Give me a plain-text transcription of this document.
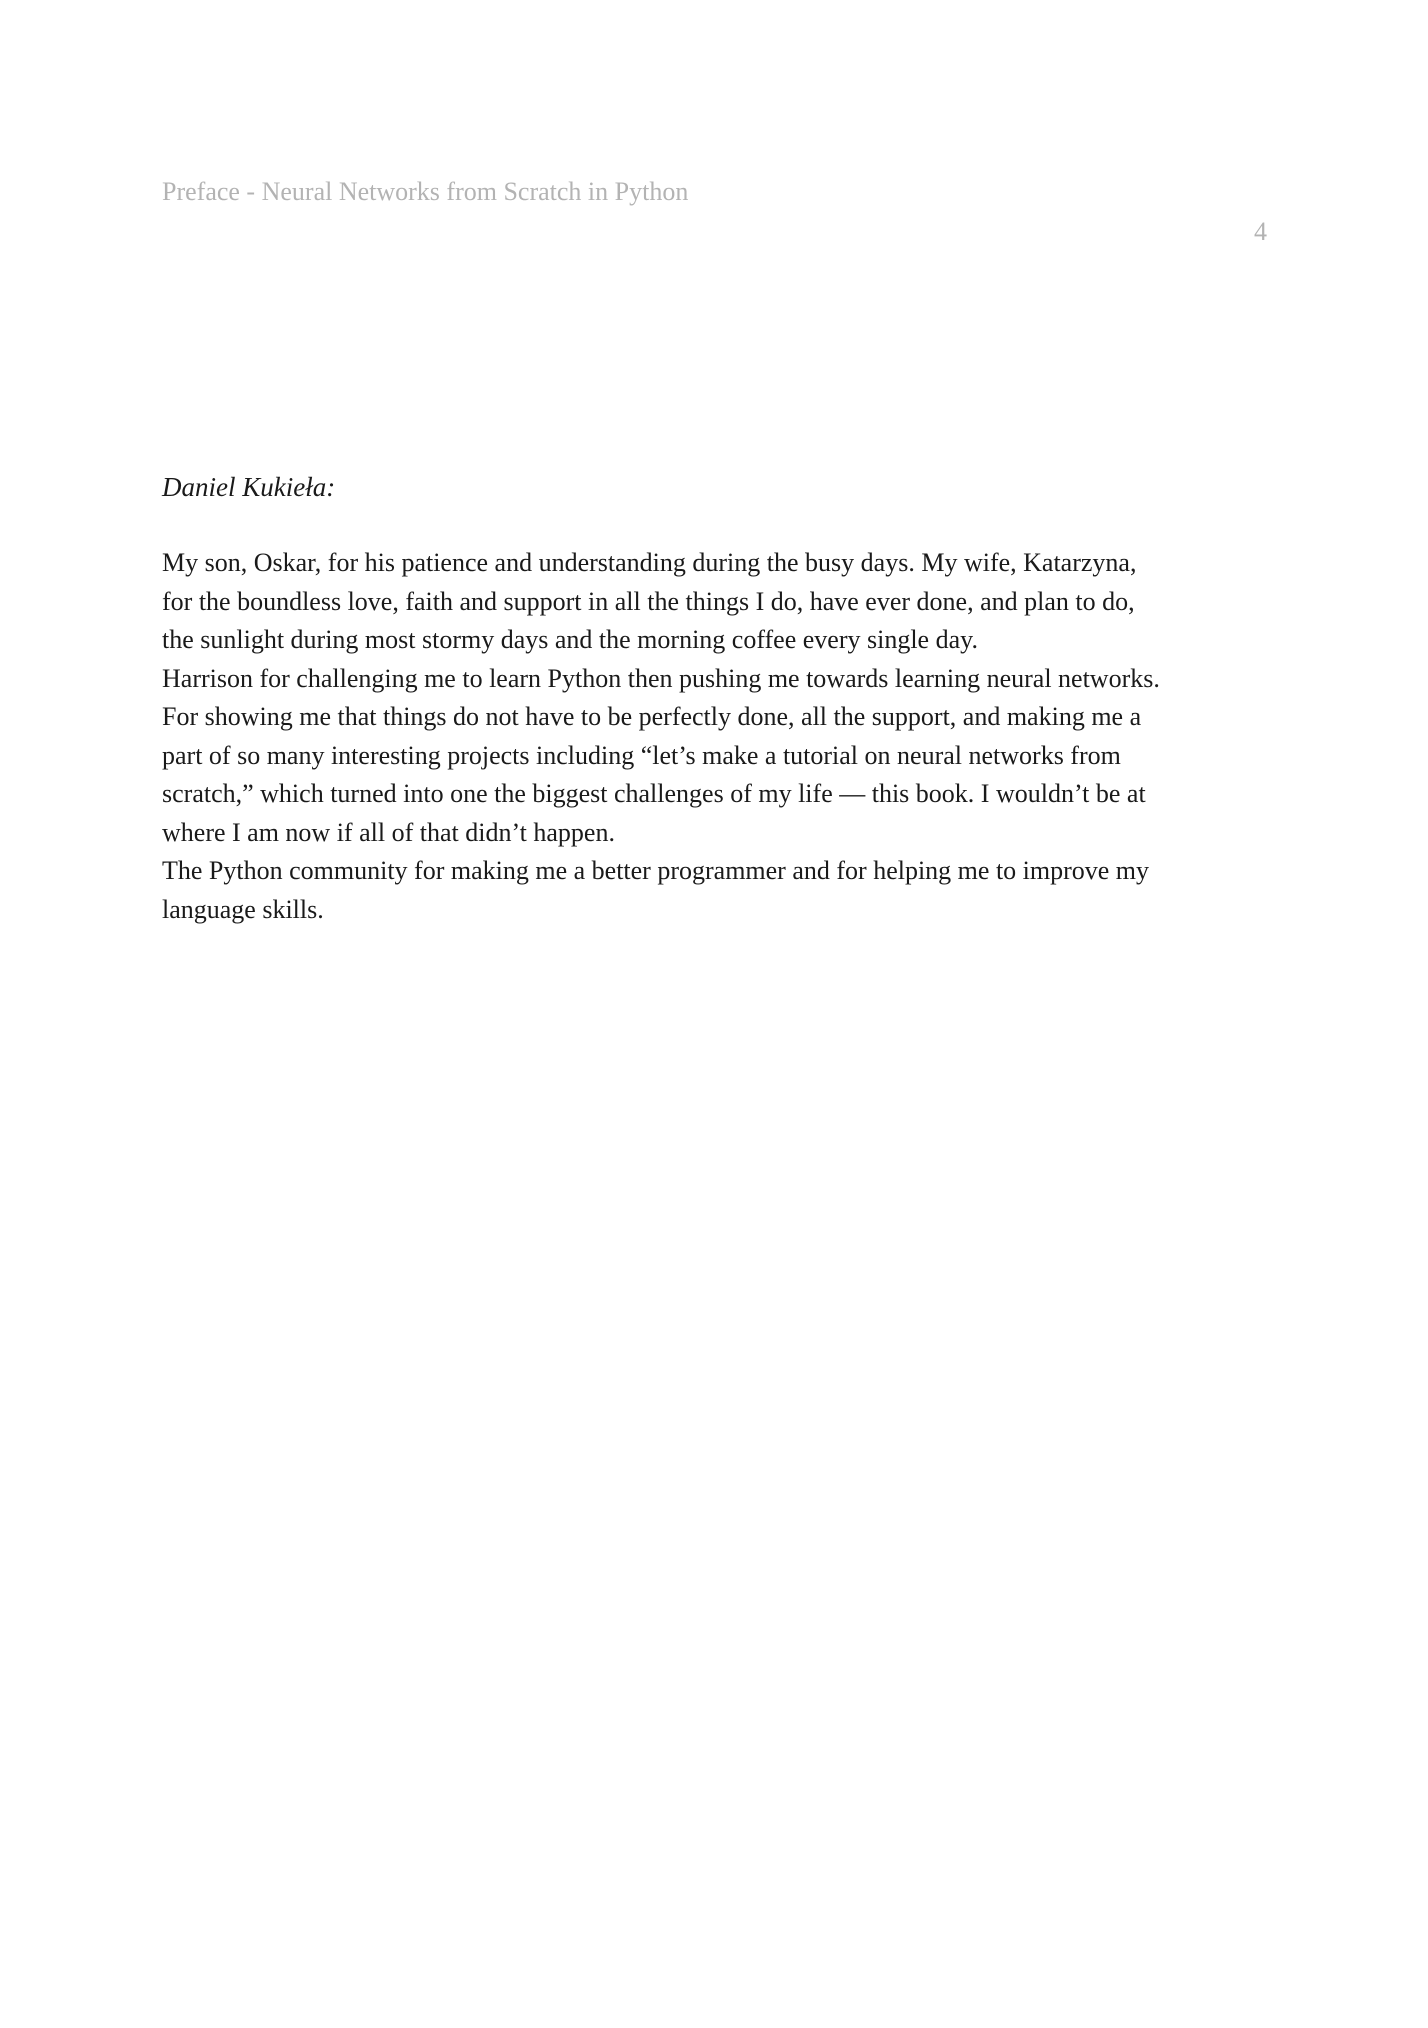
Preface - Neural Networks from Scratch in Python
4
Daniel Kukieła:
My son, Oskar, for his patience and understanding during the busy days. My wife, Katarzyna,
for the boundless love, faith and support in all the things I do, have ever done, and plan to do,
the sunlight during most stormy days and the morning coffee every single day.
Harrison for challenging me to learn Python then pushing me towards learning neural networks.
For showing me that things do not have to be perfectly done, all the support, and making me a
part of so many interesting projects including “let’s make a tutorial on neural networks from
scratch,” which turned into one the biggest challenges of my life — this book. I wouldn’t be at
where I am now if all of that didn’t happen.
The Python community for making me a better programmer and for helping me to improve my
language skills.
